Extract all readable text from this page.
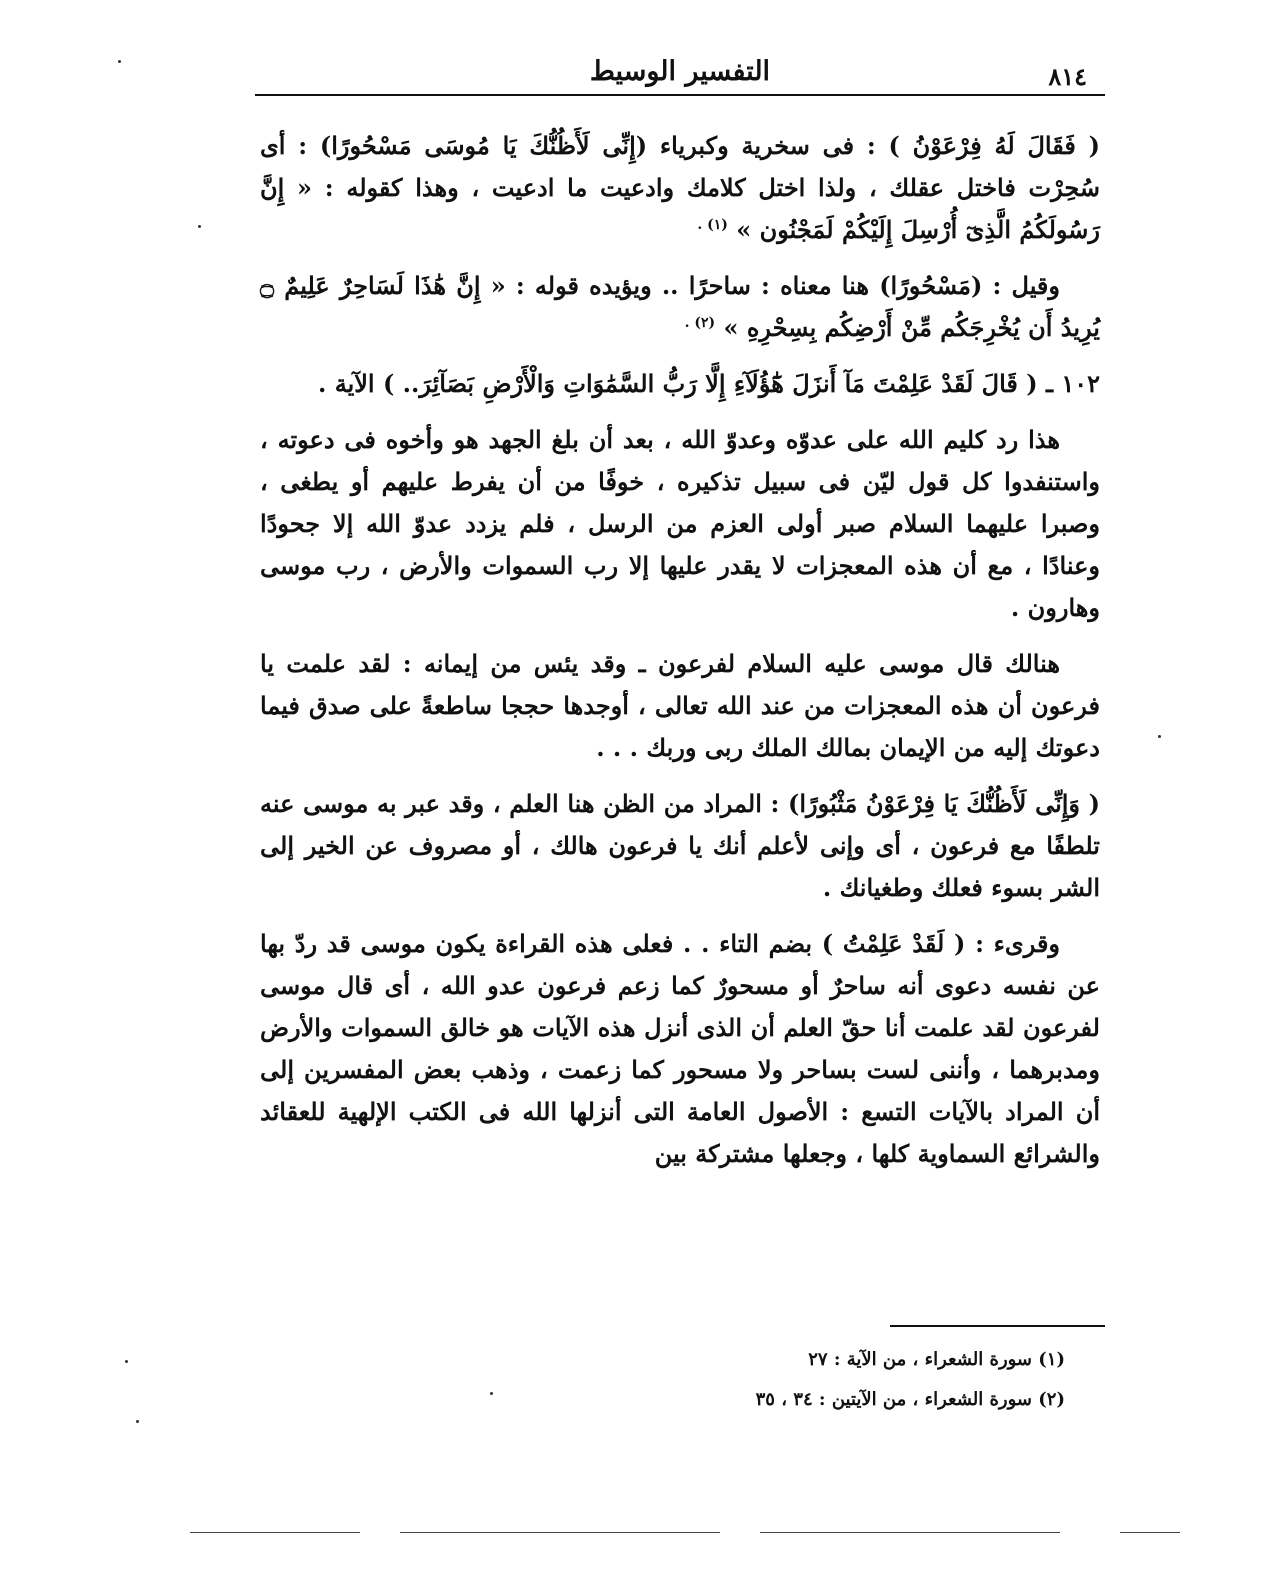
٨١٤
التفسير الوسيط

( فَقَالَ لَهُ فِرْعَوْنُ ) : فى سخرية وكبرياء (إِنِّى لَأَظُنُّكَ يَا مُوسَى مَسْحُورًا) : أى سُحِرْت فاختل عقلك ، ولذا اختل كلامك وادعيت ما ادعيت ، وهذا كقوله : « إِنَّ رَسُولَكُمُ الَّذِىٓ أُرْسِلَ إِلَيْكُمْ لَمَجْنُون » $^{(١) .}$

وقيل : (مَسْحُورًا) هنا معناه : ساحرًا .. ويؤيده قوله : « إِنَّ هَٰذَا لَسَاحِرٌ عَلِيمٌ ۝ يُرِيدُ أَن يُخْرِجَكُم مِّنْ أَرْضِكُم بِسِحْرِهِ » $^{(٢) .}$

١٠٢ ـ ( قَالَ لَقَدْ عَلِمْتَ مَآ أَنزَلَ هَٰٓؤُلَآءِ إِلَّا رَبُّ السَّمَٰوَاتِ وَالْأَرْضِ بَصَآئِرَ.. ) الآية .

هذا رد كليم الله على عدوّه وعدوّ الله ، بعد أن بلغ الجهد هو وأخوه فى دعوته ، واستنفدوا كل قول ليّن فى سبيل تذكيره ، خوفًا من أن يفرط عليهم أو يطغى ، وصبرا عليهما السلام صبر أولى العزم من الرسل ، فلم يزدد عدوّ الله إلا جحودًا وعنادًا ، مع أن هذه المعجزات لا يقدر عليها إلا رب السموات والأرض ، رب موسى وهارون .

هنالك قال موسى عليه السلام لفرعون ـ وقد يئس من إيمانه : لقد علمت يا فرعون أن هذه المعجزات من عند الله تعالى ، أوجدها حججا ساطعةً على صدق فيما دعوتك إليه من الإيمان بمالك الملك ربى وربك . . .

( وَإِنِّى لَأَظُنُّكَ يَا فِرْعَوْنُ مَثْبُورًا) : المراد من الظن هنا العلم ، وقد عبر به موسى عنه تلطفًا مع فرعون ، أى وإنى لأعلم أنك يا فرعون هالك ، أو مصروف عن الخير إلى الشر بسوء فعلك وطغيانك .

وقرىء : ( لَقَدْ عَلِمْتُ ) بضم التاء . . فعلى هذه القراءة يكون موسى قد ردّ بها عن نفسه دعوى أنه ساحرٌ أو مسحورٌ كما زعم فرعون عدو الله ، أى قال موسى لفرعون لقد علمت أنا حقّ العلم أن الذى أنزل هذه الآيات هو خالق السموات والأرض ومدبرهما ، وأننى لست بساحر ولا مسحور كما زعمت ، وذهب بعض المفسرين إلى أن المراد بالآيات التسع : الأصول العامة التى أنزلها الله فى الكتب الإلهية للعقائد والشرائع السماوية كلها ، وجعلها مشتركة بين

(١) سورة الشعراء ، من الآية : ٢٧

(٢) سورة الشعراء ، من الآيتين : ٣٤ ، ٣٥
